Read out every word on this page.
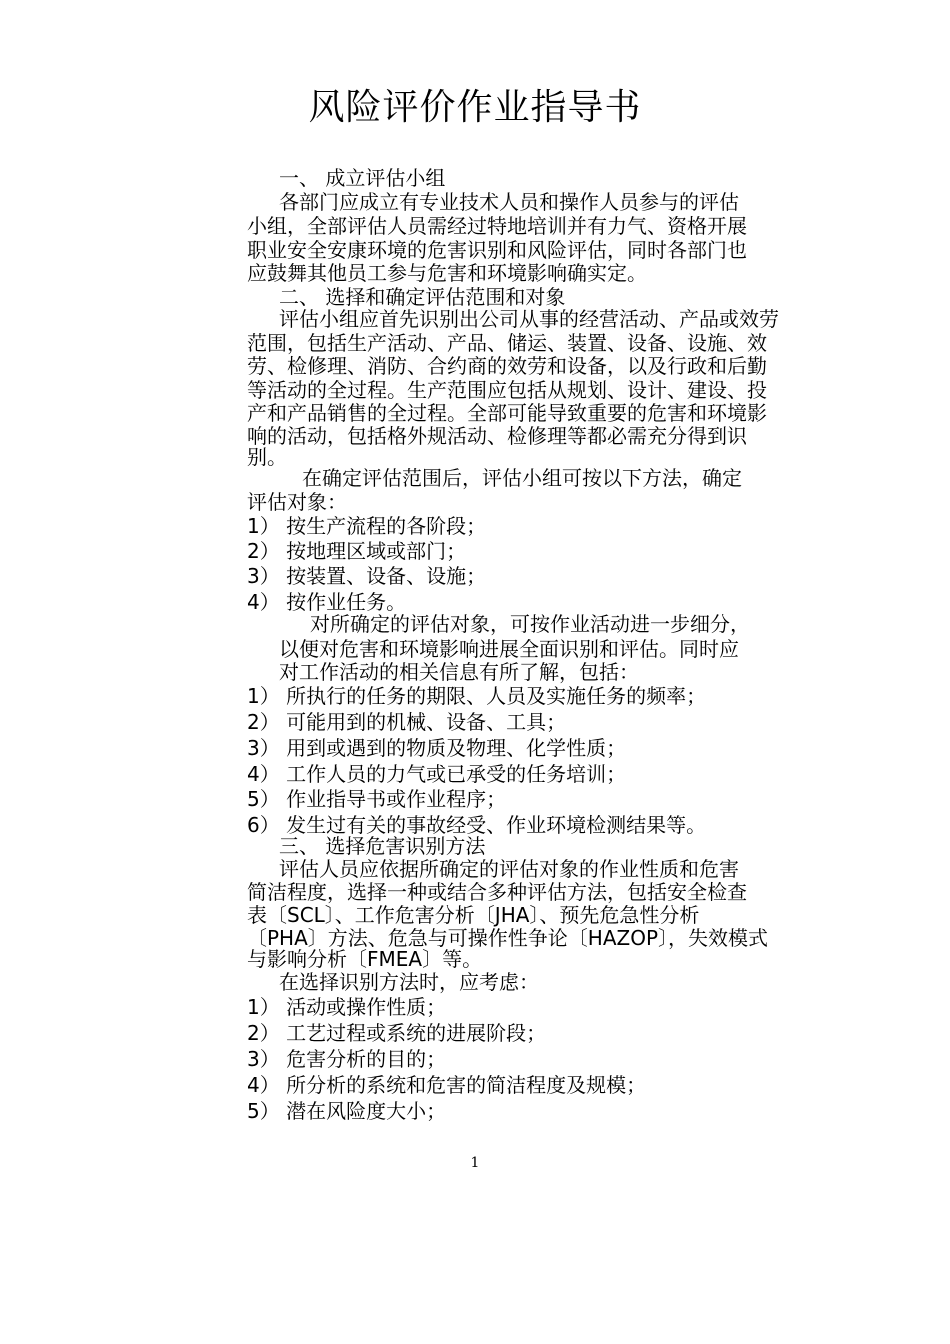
风险评价作业指导书
一、 成立评估小组
各部门应成立有专业技术人员和操作人员参与的评估
小组，全部评估人员需经过特地培训并有力气、资格开展
职业安全安康环境的危害识别和风险评估，同时各部门也
应鼓舞其他员工参与危害和环境影响确实定。
二、 选择和确定评估范围和对象
评估小组应首先识别出公司从事的经营活动、产品或效劳
范围，包括生产活动、产品、储运、装置、设备、设施、效
劳、检修理、消防、合约商的效劳和设备，以及行政和后勤
等活动的全过程。生产范围应包括从规划、设计、建设、投
产和产品销售的全过程。全部可能导致重要的危害和环境影
响的活动，包括格外规活动、检修理等都必需充分得到识
别。
在确定评估范围后，评估小组可按以下方法，确定
评估对象：
1） 按生产流程的各阶段；
2） 按地理区域或部门；
3） 按装置、设备、设施；
4） 按作业任务。
对所确定的评估对象，可按作业活动进一步细分，
以便对危害和环境影响进展全面识别和评估。同时应
对工作活动的相关信息有所了解，包括：
1） 所执行的任务的期限、人员及实施任务的频率；
2） 可能用到的机械、设备、工具；
3） 用到或遇到的物质及物理、化学性质；
4） 工作人员的力气或已承受的任务培训；
5） 作业指导书或作业程序；
6） 发生过有关的事故经受、作业环境检测结果等。
三、 选择危害识别方法
评估人员应依据所确定的评估对象的作业性质和危害
简洁程度，选择一种或结合多种评估方法，包括安全检查
表〔SCL〕、工作危害分析〔JHA〕、预先危急性分析
〔PHA〕方法、危急与可操作性争论〔HAZOP〕，失效模式
与影响分析〔FMEA〕等。
在选择识别方法时，应考虑：
1） 活动或操作性质；
2） 工艺过程或系统的进展阶段；
3） 危害分析的目的；
4） 所分析的系统和危害的简洁程度及规模；
5） 潜在风险度大小；
1
